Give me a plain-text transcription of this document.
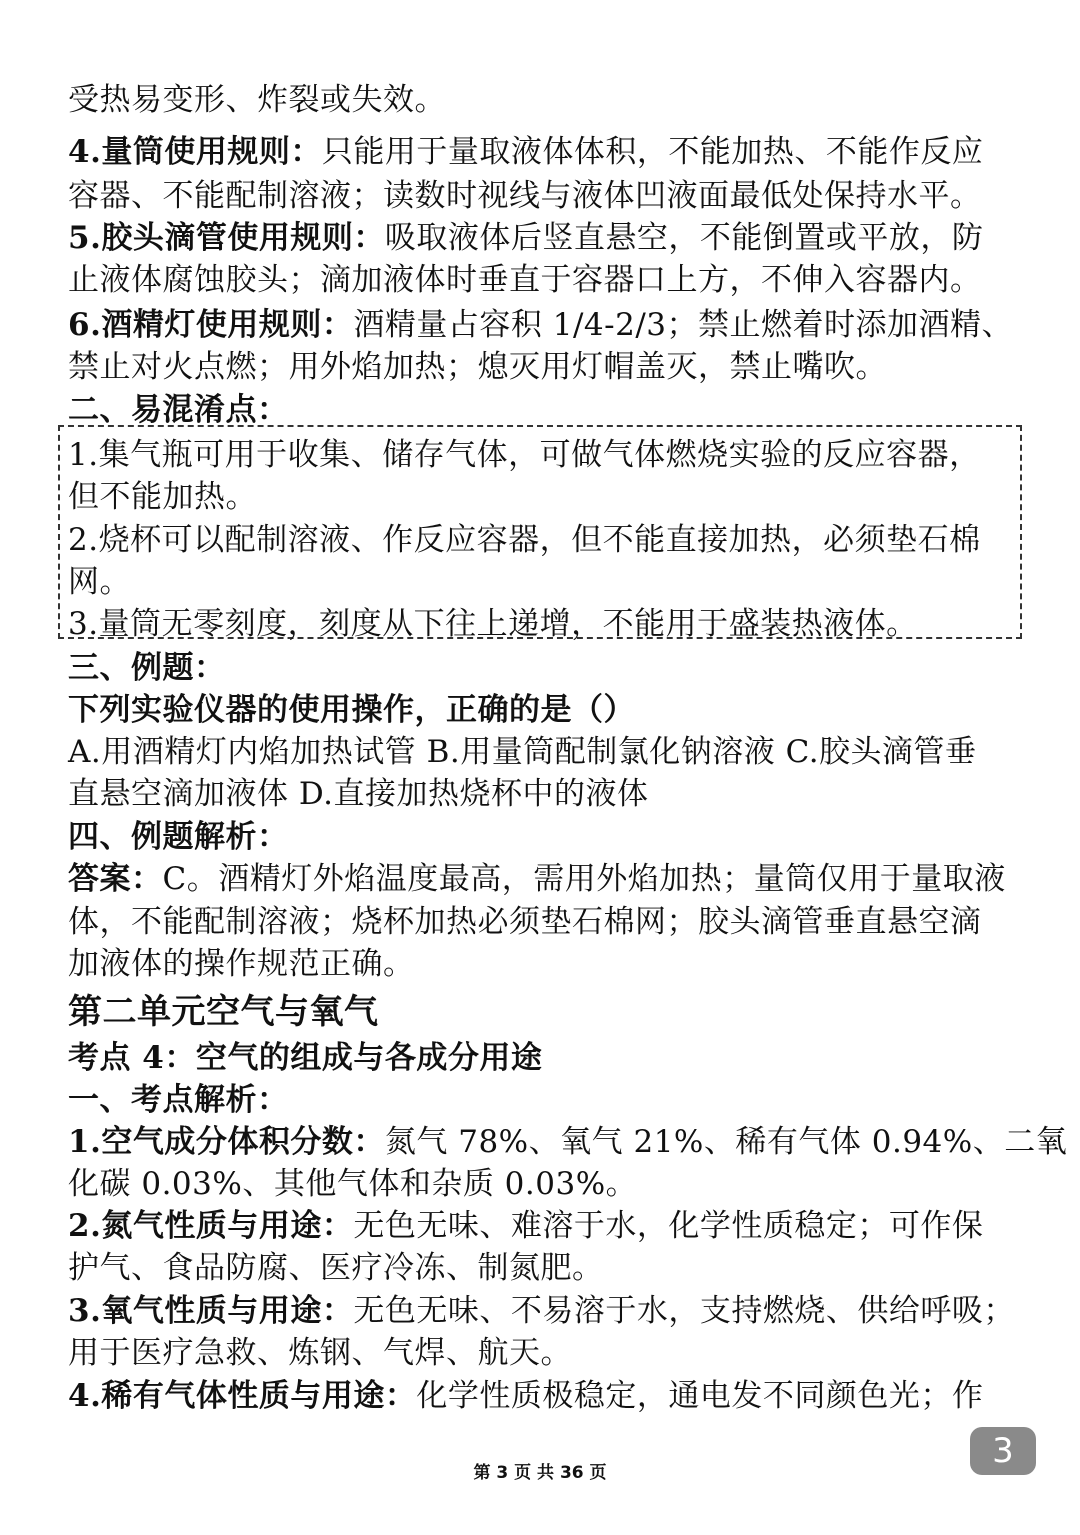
受热易变形、炸裂或失效。
4.量筒使用规则：只能用于量取液体体积，不能加热、不能作反应
容器、不能配制溶液；读数时视线与液体凹液面最低处保持水平。
5.胶头滴管使用规则：吸取液体后竖直悬空，不能倒置或平放，防
止液体腐蚀胶头；滴加液体时垂直于容器口上方，不伸入容器内。
6.酒精灯使用规则：酒精量占容积 1/4-2/3；禁止燃着时添加酒精、
禁止对火点燃；用外焰加热；熄灭用灯帽盖灭，禁止嘴吹。
二、易混淆点：
1.集气瓶可用于收集、储存气体，可做气体燃烧实验的反应容器，
但不能加热。
2.烧杯可以配制溶液、作反应容器，但不能直接加热，必须垫石棉
网。
3.量筒无零刻度，刻度从下往上递增，不能用于盛装热液体。
三、例题：
下列实验仪器的使用操作，正确的是（）
A.用酒精灯内焰加热试管 B.用量筒配制氯化钠溶液 C.胶头滴管垂
直悬空滴加液体 D.直接加热烧杯中的液体
四、例题解析：
答案：C。酒精灯外焰温度最高，需用外焰加热；量筒仅用于量取液
体，不能配制溶液；烧杯加热必须垫石棉网；胶头滴管垂直悬空滴
加液体的操作规范正确。
第二单元空气与氧气
考点 4：空气的组成与各成分用途
一、考点解析：
1.空气成分体积分数：氮气 78%、氧气 21%、稀有气体 0.94%、二氧
化碳 0.03%、其他气体和杂质 0.03%。
2.氮气性质与用途：无色无味、难溶于水，化学性质稳定；可作保
护气、食品防腐、医疗冷冻、制氮肥。
3.氧气性质与用途：无色无味、不易溶于水，支持燃烧、供给呼吸；
用于医疗急救、炼钢、气焊、航天。
4.稀有气体性质与用途：化学性质极稳定，通电发不同颜色光；作
第 3 页 共 36 页
3
